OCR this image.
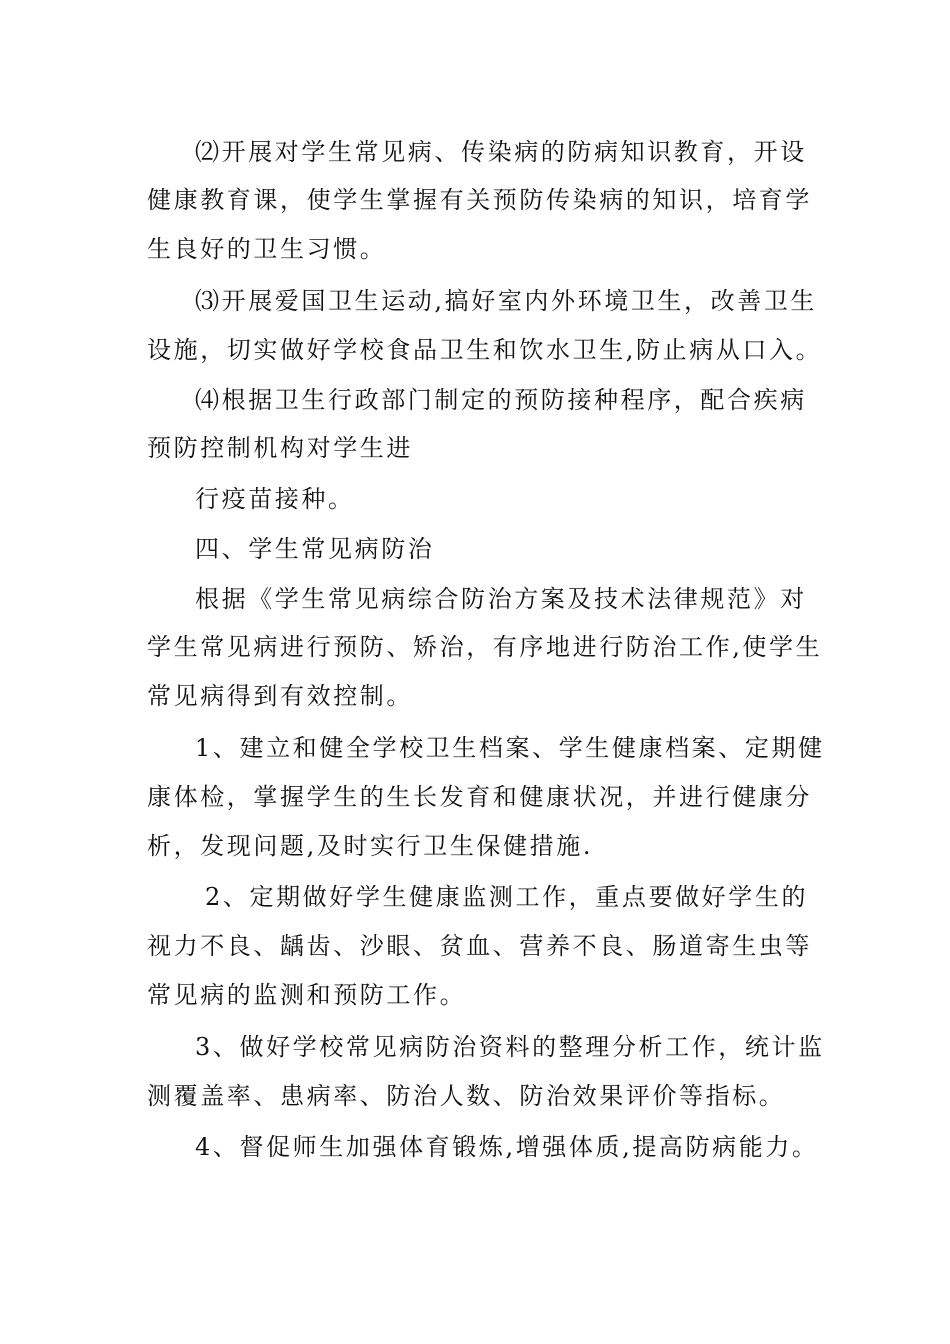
⑵开展对学生常见病、传染病的防病知识教育，开设
健康教育课，使学生掌握有关预防传染病的知识，培育学
生良好的卫生习惯。
⑶开展爱国卫生运动,搞好室内外环境卫生，改善卫生
设施，切实做好学校食品卫生和饮水卫生,防止病从口入。
⑷根据卫生行政部门制定的预防接种程序，配合疾病
预防控制机构对学生进
行疫苗接种。
四、学生常见病防治
根据《学生常见病综合防治方案及技术法律规范》对
学生常见病进行预防、矫治，有序地进行防治工作,使学生
常见病得到有效控制。
1、建立和健全学校卫生档案、学生健康档案、定期健
康体检，掌握学生的生长发育和健康状况，并进行健康分
析，发现问题,及时实行卫生保健措施.
2、定期做好学生健康监测工作，重点要做好学生的
视力不良、龋齿、沙眼、贫血、营养不良、肠道寄生虫等
常见病的监测和预防工作。
3、做好学校常见病防治资料的整理分析工作，统计监
测覆盖率、患病率、防治人数、防治效果评价等指标。
4、督促师生加强体育锻炼,增强体质,提高防病能力。
